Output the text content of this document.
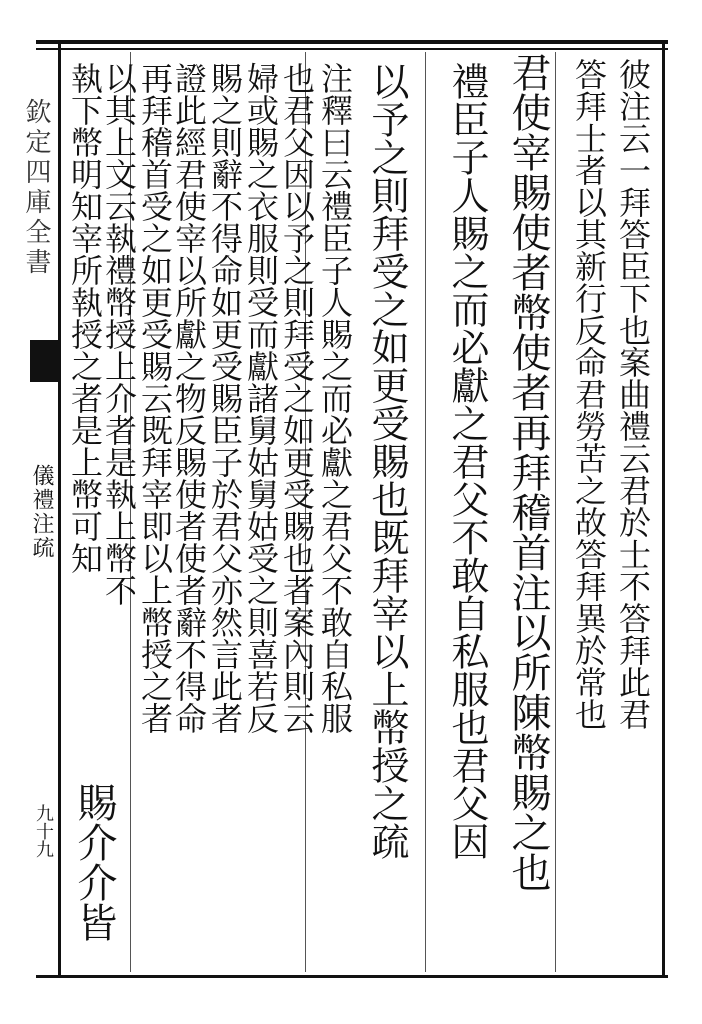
欽定四庫全書
儀禮注疏
九十九
彼注云一拜答臣下也案曲禮云君於士不答拜此君
答拜士者以其新行反命君勞苦之故答拜異於常也
君使宰賜使者幣使者再拜稽首注以所陳幣賜之也
禮臣子人賜之而必獻之君父不敢自私服也君父因
以予之則拜受之如更受賜也既拜宰以上幣授之疏
注釋曰云禮臣子人賜之而必獻之君父不敢自私服
也君父因以予之則拜受之如更受賜也者案內則云
婦或賜之衣服則受而獻諸舅姑舅姑受之則喜若反
賜之則辭不得命如更受賜臣子於君父亦然言此者
證此經君使宰以所獻之物反賜使者使者辭不得命
再拜稽首受之如更受賜云既拜宰即以上幣授之者
以其上文云執禮幣授上介者是執上幣不
執下幣明知宰所執授之者是上幣可知
賜介介皆
